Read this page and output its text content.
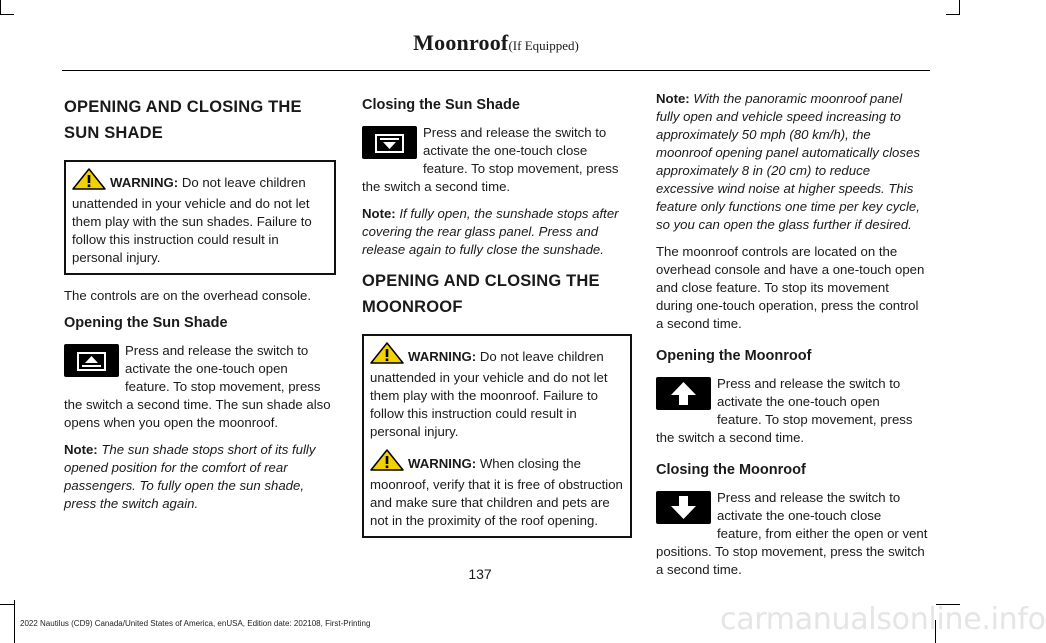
Moonroof(If Equipped)
OPENING AND CLOSING THE SUN SHADE

WARNING: Do not leave children unattended in your vehicle and do not let them play with the sun shades. Failure to follow this instruction could result in personal injury.

The controls are on the overhead console.

Opening the Sun Shade

Press and release the switch to activate the one-touch open feature. To stop movement, press the switch a second time. The sun shade also opens when you open the moonroof.

Note: The sun shade stops short of its fully opened position for the comfort of rear passengers. To fully open the sun shade, press the switch again.

Closing the Sun Shade

Press and release the switch to activate the one-touch close feature. To stop movement, press the switch a second time.

Note: If fully open, the sunshade stops after covering the rear glass panel. Press and release again to fully close the sunshade.

OPENING AND CLOSING THE MOONROOF

WARNING: Do not leave children unattended in your vehicle and do not let them play with the moonroof. Failure to follow this instruction could result in personal injury.

WARNING: When closing the moonroof, verify that it is free of obstruction and make sure that children and pets are not in the proximity of the roof opening.

Note: With the panoramic moonroof panel fully open and vehicle speed increasing to approximately 50 mph (80 km/h), the moonroof opening panel automatically closes approximately 8 in (20 cm) to reduce excessive wind noise at higher speeds. This feature only functions one time per key cycle, so you can open the glass further if desired.

The moonroof controls are located on the overhead console and have a one-touch open and close feature. To stop its movement during one-touch operation, press the control a second time.

Opening the Moonroof

Press and release the switch to activate the one-touch open feature. To stop movement, press the switch a second time.

Closing the Moonroof

Press and release the switch to activate the one-touch close feature, from either the open or vent positions. To stop movement, press the switch a second time.

137
2022 Nautilus (CD9) Canada/United States of America, enUSA, Edition date: 202108, First-Printing	carmanualsonline.info
